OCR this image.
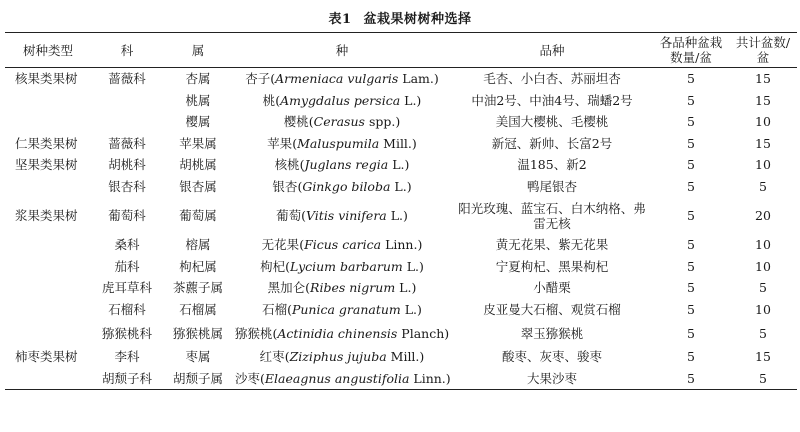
表1 盆栽果树树种选择
树种类型	科	属	种	品种	各品种盆栽数量/盆	共计盆数/盆
核果类果树	蔷薇科	杏属	杏子(Armeniaca vulgaris Lam.)	毛杏、小白杏、苏丽坦杏	5	15
		桃属	桃(Amygdalus persica L.)	中油2号、中油4号、瑞蟠2号	5	15
		樱属	樱桃(Cerasus spp.)	美国大樱桃、毛樱桃	5	10
仁果类果树	蔷薇科	苹果属	苹果(Maluspumila Mill.)	新冠、新帅、长富2号	5	15
坚果类果树	胡桃科	胡桃属	核桃(Juglans regia L.)	温185、新2	5	10
	银杏科	银杏属	银杏(Ginkgo biloba L.)	鸭尾银杏	5	5
浆果类果树	葡萄科	葡萄属	葡萄(Vitis vinifera L.)	阳光玫瑰、蓝宝石、白木纳格、弗雷无核	5	20
	桑科	榕属	无花果(Ficus carica Linn.)	黄无花果、紫无花果	5	10
	茄科	枸杞属	枸杞(Lycium barbarum L.)	宁夏枸杞、黑果枸杞	5	10
	虎耳草科	茶藨子属	黑加仑(Ribes nigrum L.)	小醋栗	5	5
	石榴科	石榴属	石榴(Punica granatum L.)	皮亚曼大石榴、观赏石榴	5	10
	猕猴桃科	猕猴桃属	猕猴桃(Actinidia chinensis Planch)	翠玉猕猴桃	5	5
柿枣类果树	李科	枣属	红枣(Ziziphus jujuba Mill.)	酸枣、灰枣、骏枣	5	15
	胡颓子科	胡颓子属	沙枣(Elaeagnus angustifolia Linn.)	大果沙枣	5	5
